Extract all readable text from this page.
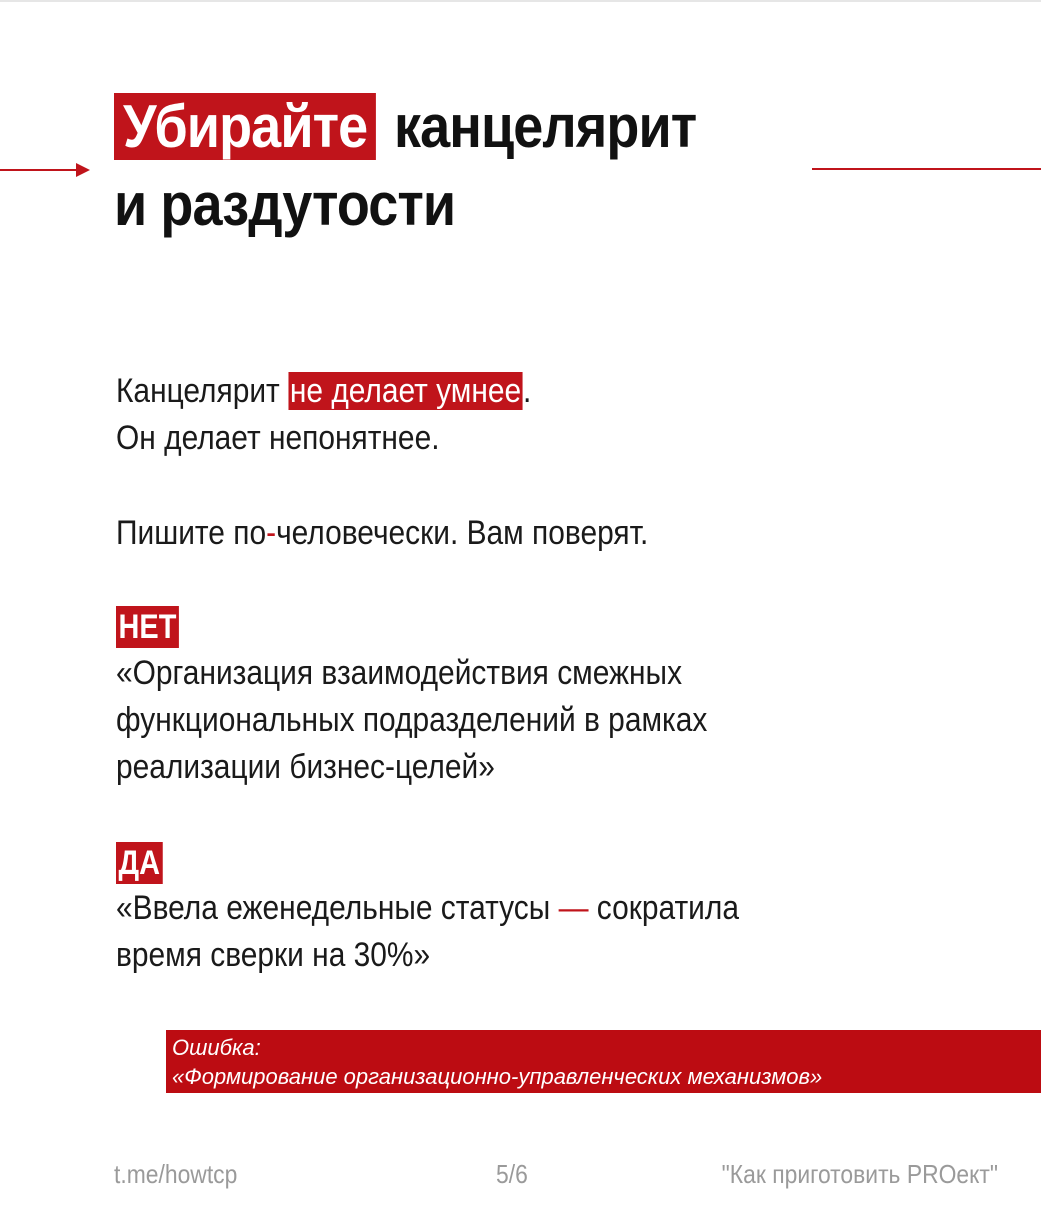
Убирайте канцелярит
и раздутости
Канцелярит не делает умнее.
Он делает непонятнее.
Пишите по-человечески. Вам поверят.
НЕТ
«Организация взаимодействия смежных
функциональных подразделений в рамках
реализации бизнес-целей»
ДА
«Ввела еженедельные статусы — сократила
время сверки на 30%»
Ошибка:
«Формирование организационно-управленческих механизмов»
t.me/howtcp	5/6	"Как приготовить PROект"
